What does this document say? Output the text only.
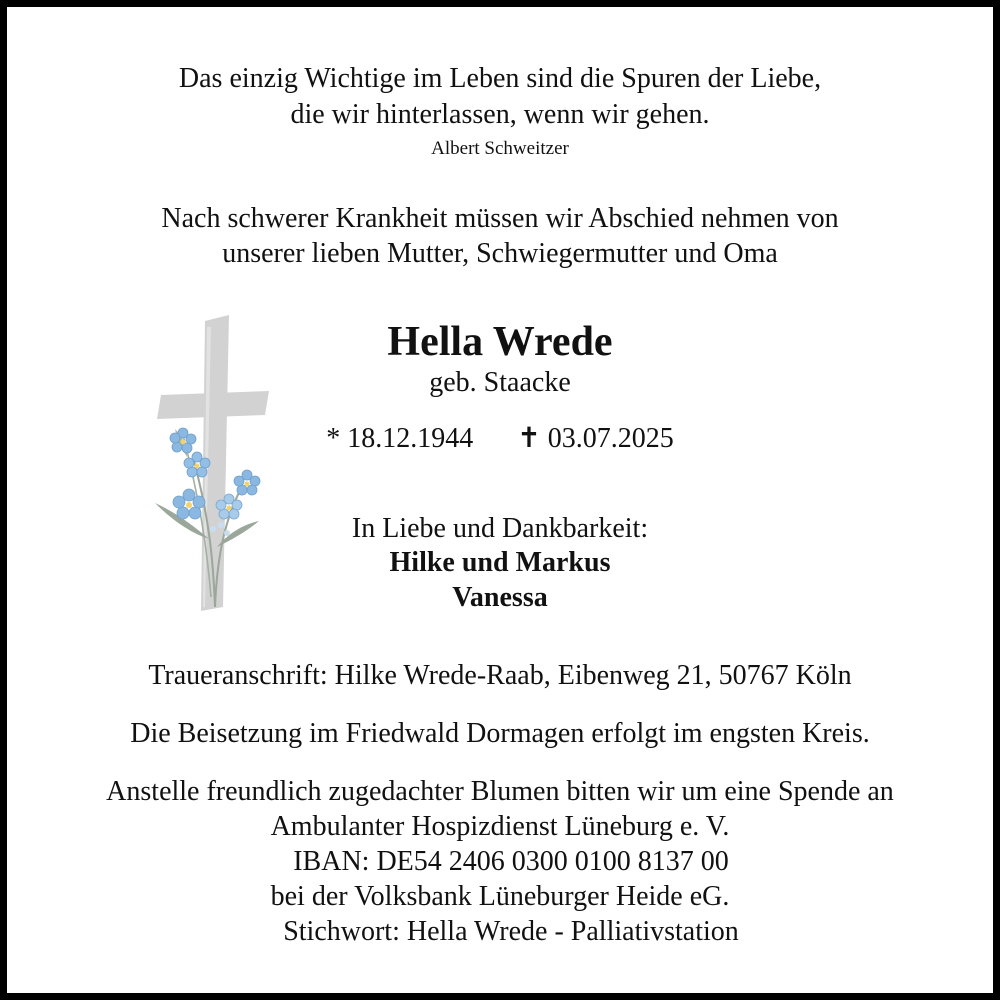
Das einzig Wichtige im Leben sind die Spuren der Liebe,
die wir hinterlassen, wenn wir gehen.
Albert Schweitzer
Nach schwerer Krankheit müssen wir Abschied nehmen von
unserer lieben Mutter, Schwiegermutter und Oma
Hella Wrede
geb. Staacke
* 18.12.1944 ✝ 03.07.2025
In Liebe und Dankbarkeit:
Hilke und Markus
Vanessa
Traueranschrift: Hilke Wrede-Raab, Eibenweg 21, 50767 Köln
Die Beisetzung im Friedwald Dormagen erfolgt im engsten Kreis.
Anstelle freundlich zugedachter Blumen bitten wir um eine Spende an
Ambulanter Hospizdienst Lüneburg e. V.
IBAN: DE54 2406 0300 0100 8137 00
bei der Volksbank Lüneburger Heide eG.
Stichwort: Hella Wrede - Palliativstation
